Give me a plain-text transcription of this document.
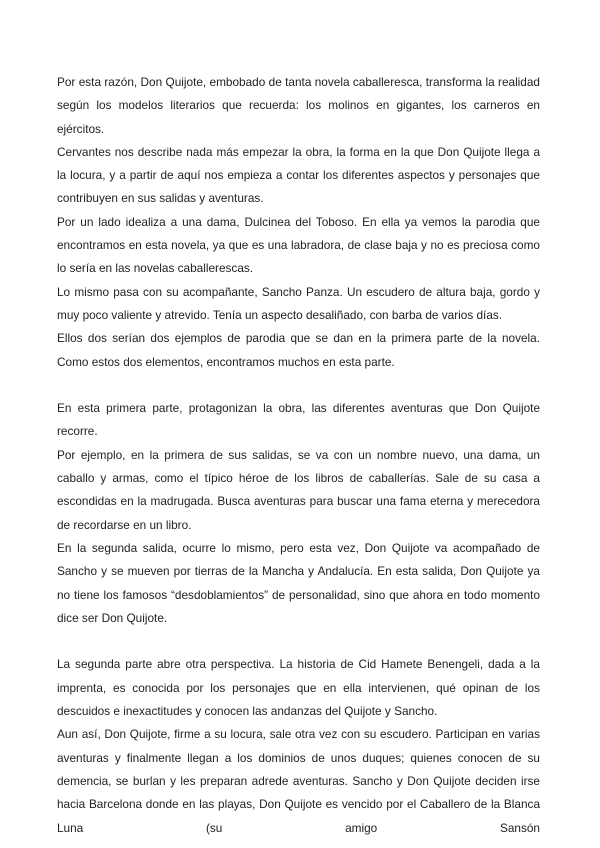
Por esta razón, Don Quijote, embobado de tanta novela caballeresca, transforma la realidad según los modelos literarios que recuerda: los molinos en gigantes, los carneros en ejércitos.

Cervantes nos describe nada más empezar la obra, la forma en la que Don Quijote llega a la locura, y a partir de aquí nos empieza a contar los diferentes aspectos y personajes que contribuyen en sus salidas y aventuras.

Por un lado idealiza a una dama, Dulcinea del Toboso. En ella ya vemos la parodia que encontramos en esta novela, ya que es una labradora, de clase baja y no es preciosa como lo sería en las novelas caballerescas.

Lo mismo pasa con su acompañante, Sancho Panza. Un escudero de altura baja, gordo y muy poco valiente y atrevido. Tenía un aspecto desaliñado, con barba de varios días.

Ellos dos serían dos ejemplos de parodia que se dan en la primera parte de la novela. Como estos dos elementos, encontramos muchos en esta parte.

En esta primera parte, protagonizan la obra, las diferentes aventuras que Don Quijote recorre.

Por ejemplo, en la primera de sus salidas, se va con un nombre nuevo, una dama, un caballo y armas, como el típico héroe de los libros de caballerías. Sale de su casa a escondidas en la madrugada. Busca aventuras para buscar una fama eterna y merecedora de recordarse en un libro.

En la segunda salida, ocurre lo mismo, pero esta vez, Don Quijote va acompañado de Sancho y se mueven por tierras de la Mancha y Andalucía. En esta salida, Don Quijote ya no tiene los famosos “desdoblamientos” de personalidad, sino que ahora en todo momento dice ser Don Quijote.

La segunda parte abre otra perspectiva. La historia de Cid Hamete Benengeli, dada a la imprenta, es conocida por los personajes que en ella intervienen, qué opinan de los descuidos e inexactitudes y conocen las andanzas del Quijote y Sancho.

Aun así, Don Quijote, firme a su locura, sale otra vez con su escudero. Participan en varias aventuras y finalmente llegan a los dominios de unos duques; quienes conocen de su demencia, se burlan y les preparan adrede aventuras. Sancho y Don Quijote deciden irse hacia Barcelona donde en las playas, Don Quijote es vencido por el Caballero de la Blanca Luna (su amigo Sansón
